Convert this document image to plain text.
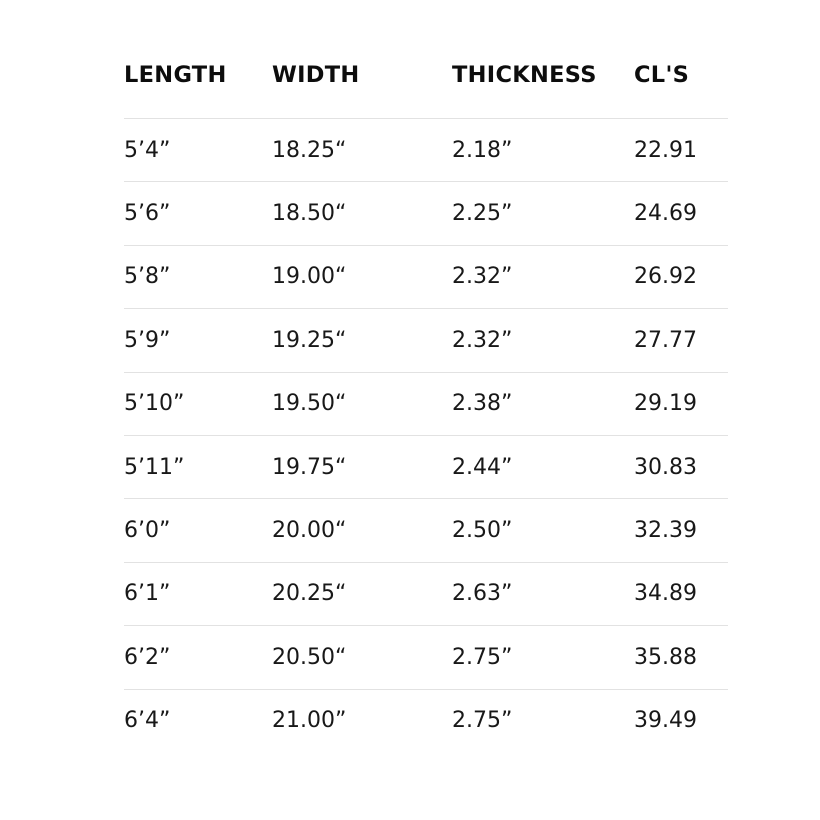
LENGTH	WIDTH	THICKNESS	CL'S
5’4”	18.25“	2.18”	22.91
5’6”	18.50“	2.25”	24.69
5’8”	19.00“	2.32”	26.92
5’9”	19.25“	2.32”	27.77
5’10”	19.50“	2.38”	29.19
5’11”	19.75“	2.44”	30.83
6’0”	20.00“	2.50”	32.39
6’1”	20.25“	2.63”	34.89
6’2”	20.50“	2.75”	35.88
6’4”	21.00”	2.75”	39.49
